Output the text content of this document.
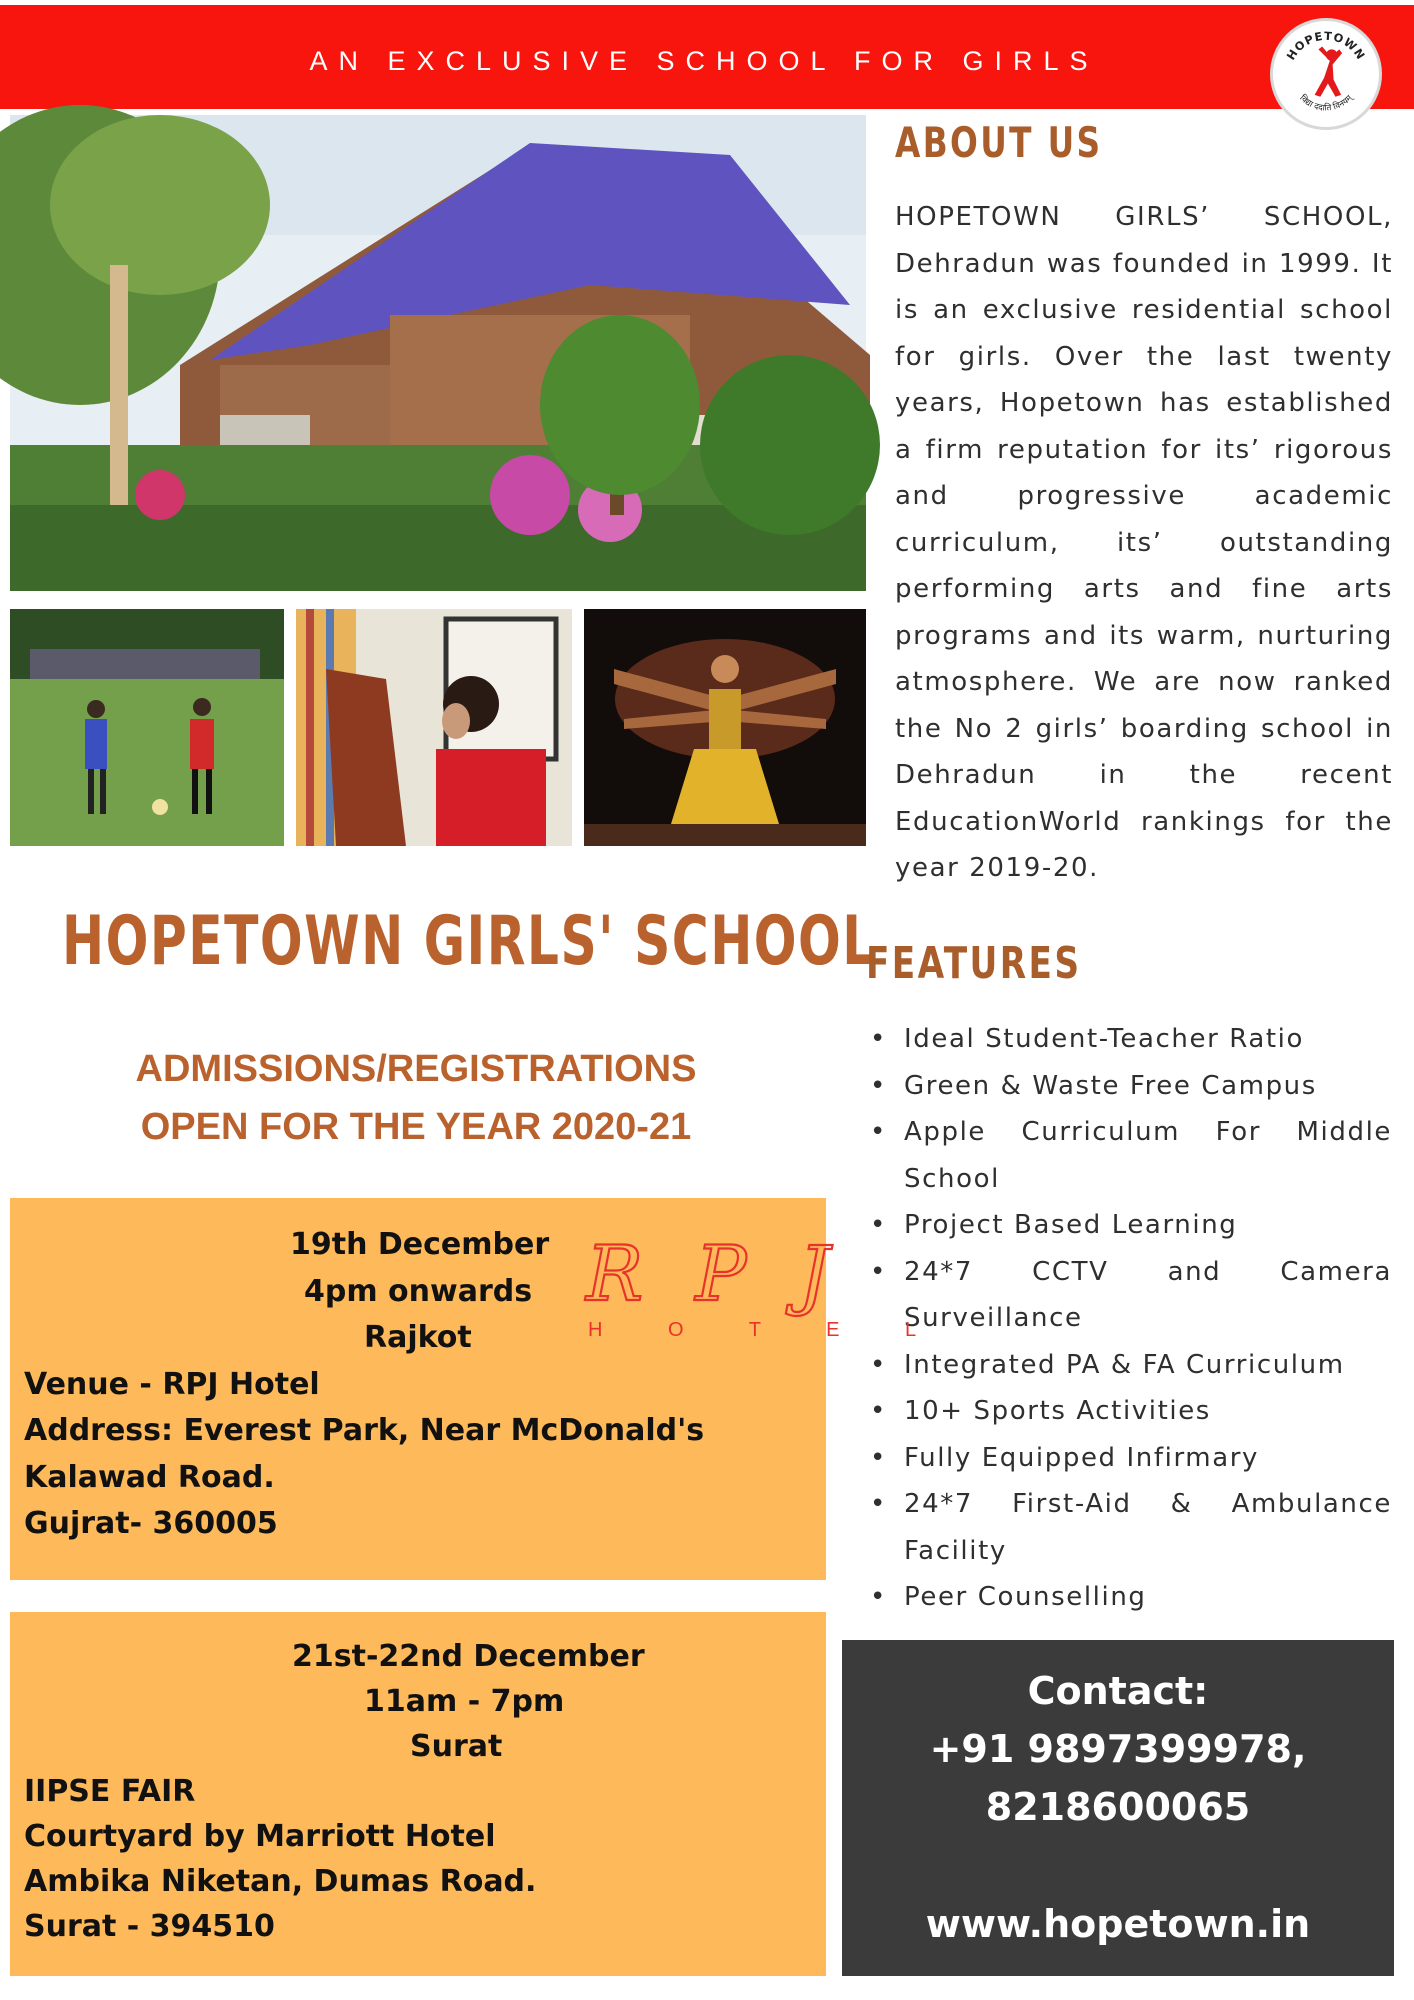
AN EXCLUSIVE SCHOOL FOR GIRLS	HOPETOWN
विद्या ददाति विनयम्
ABOUT US
HOPETOWN GIRLS’ SCHOOL, Dehradun was founded in 1999. It is an exclusive residential school for girls. Over the last twenty years, Hopetown has established a firm reputation for its’ rigorous and progressive academic curriculum, its’ outstanding performing arts and fine arts programs and its warm, nurturing atmosphere. We are now ranked the No 2 girls’ boarding school in Dehradun in the recent EducationWorld rankings for the year 2019-20.
HOPETOWN GIRLS' SCHOOL
ADMISSIONS/REGISTRATIONS
OPEN FOR THE YEAR 2020-21
FEATURES
• Ideal Student-Teacher Ratio
• Green & Waste Free Campus
• Apple Curriculum For Middle School
• Project Based Learning
• 24*7 CCTV and Camera Surveillance
• Integrated PA & FA Curriculum
• 10+ Sports Activities
• Fully Equipped Infirmary
• 24*7 First-Aid & Ambulance Facility
• Peer Counselling
19th December
4pm onwards
Rajkot
Venue - RPJ Hotel
Address: Everest Park, Near McDonald's
Kalawad Road.
Gujrat- 360005
R P J
H O T E L
21st-22nd December
11am - 7pm
Surat
IIPSE FAIR
Courtyard by Marriott Hotel
Ambika Niketan, Dumas Road.
Surat - 394510
Contact:
+91 9897399978,
8218600065
www.hopetown.in
